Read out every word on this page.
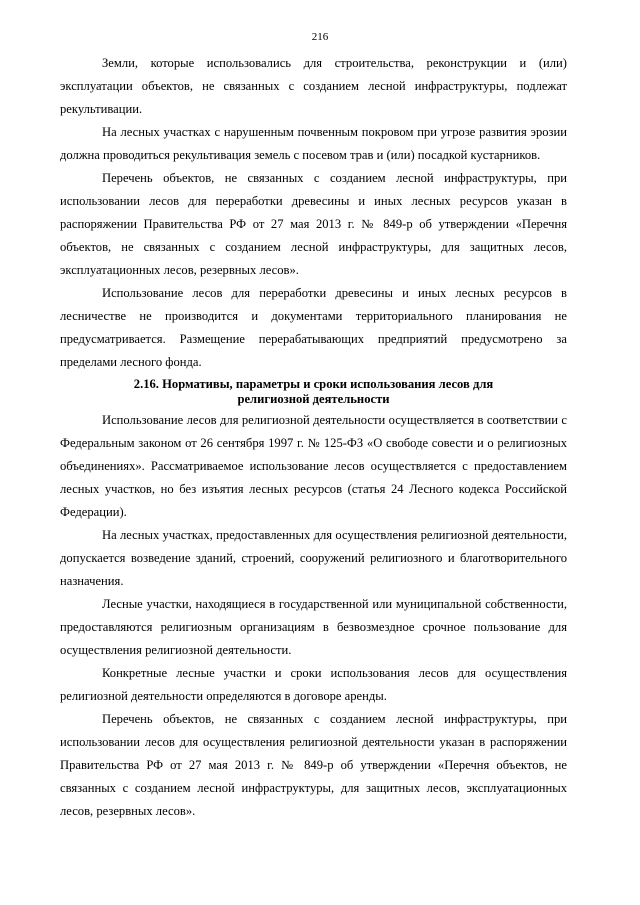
216

Земли, которые использовались для строительства, реконструкции и (или) эксплуатации объектов, не связанных с созданием лесной инфраструктуры, подлежат рекультивации.

На лесных участках с нарушенным почвенным покровом при угрозе развития эрозии должна проводиться рекультивация земель с посевом трав и (или) посадкой кустарников.

Перечень объектов, не связанных с созданием лесной инфраструктуры, при использовании лесов для переработки древесины и иных лесных ресурсов указан в распоряжении Правительства РФ от 27 мая 2013 г. № 849-р об утверждении «Перечня объектов, не связанных с созданием лесной инфраструктуры, для защитных лесов, эксплуатационных лесов, резервных лесов».

Использование лесов для переработки древесины и иных лесных ресурсов в лесничестве не производится и документами территориального планирования не предусматривается. Размещение перерабатывающих предприятий предусмотрено за пределами лесного фонда.

2.16. Нормативы, параметры и сроки использования лесов для
религиозной деятельности

Использование лесов для религиозной деятельности осуществляется в соответствии с Федеральным законом от 26 сентября 1997 г. № 125-ФЗ «О свободе совести и о религиозных объединениях». Рассматриваемое использование лесов осуществляется с предоставлением лесных участков, но без изъятия лесных ресурсов (статья 24 Лесного кодекса Российской Федерации).

На лесных участках, предоставленных для осуществления религиозной деятельности, допускается возведение зданий, строений, сооружений религиозного и благотворительного назначения.

Лесные участки, находящиеся в государственной или муниципальной собственности, предоставляются религиозным организациям в безвозмездное срочное пользование для осуществления религиозной деятельности.

Конкретные лесные участки и сроки использования лесов для осуществления религиозной деятельности определяются в договоре аренды.

Перечень объектов, не связанных с созданием лесной инфраструктуры, при использовании лесов для осуществления религиозной деятельности указан в распоряжении Правительства РФ от 27 мая 2013 г. № 849-р об утверждении «Перечня объектов, не связанных с созданием лесной инфраструктуры, для защитных лесов, эксплуатационных лесов, резервных лесов».
